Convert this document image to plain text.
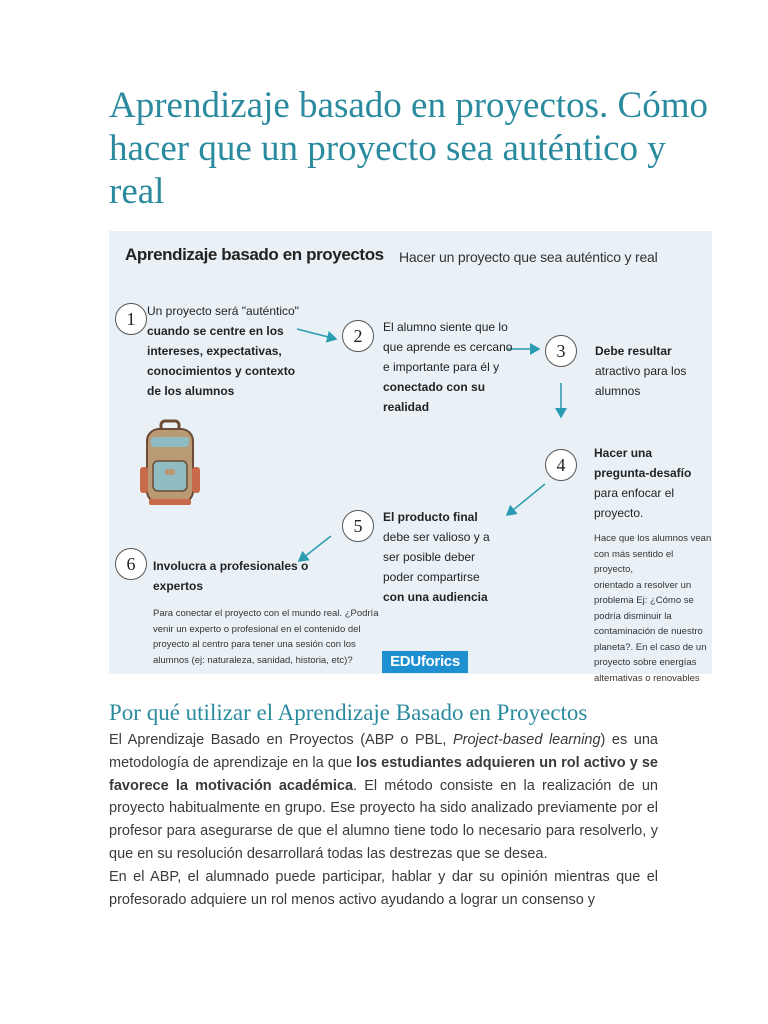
Aprendizaje basado en proyectos. Cómo hacer que un proyecto sea auténtico y real
Aprendizaje basado en proyectos Hacer un proyecto que sea auténtico y real
1 Un proyecto será "auténtico"
cuando se centre en los
intereses, expectativas,
conocimientos y contexto
de los alumnos
2	El alumno siente que lo
que aprende es cercano
e importante para él y
conectado con su
realidad
3	Debe resultar
atractivo para los
alumnos
4
Hacer una
pregunta-desafío
para enfocar el
proyecto.
Hace que los alumnos vean
con más sentido el proyecto,
orientado a resolver un
problema Ej: ¿Cómo se
podría disminuir la
contaminación de nuestro
planeta?. En el caso de un
proyecto sobre energías
alternativas o renovables
5	El producto final
debe ser valioso y a
ser posible deber
poder compartirse
con una audiencia
6	Involucra a profesionales o
expertos
Para conectar el proyecto con el mundo real. ¿Podría
venir un experto o profesional en el contenido del
proyecto al centro para tener una sesión con los
alumnos (ej: naturaleza, sanidad, historia, etc)?	EDUforics
Por qué utilizar el Aprendizaje Basado en Proyectos

El Aprendizaje Basado en Proyectos (ABP o PBL, Project-based learning) es una metodología de aprendizaje en la que los estudiantes adquieren un rol activo y se favorece la motivación académica. El método consiste en la realización de un proyecto habitualmente en grupo. Ese proyecto ha sido analizado previamente por el profesor para asegurarse de que el alumno tiene todo lo necesario para resolverlo, y que en su resolución desarrollará todas las destrezas que se desea.

En el ABP, el alumnado puede participar, hablar y dar su opinión mientras que el profesorado adquiere un rol menos activo ayudando a lograr un consenso y
